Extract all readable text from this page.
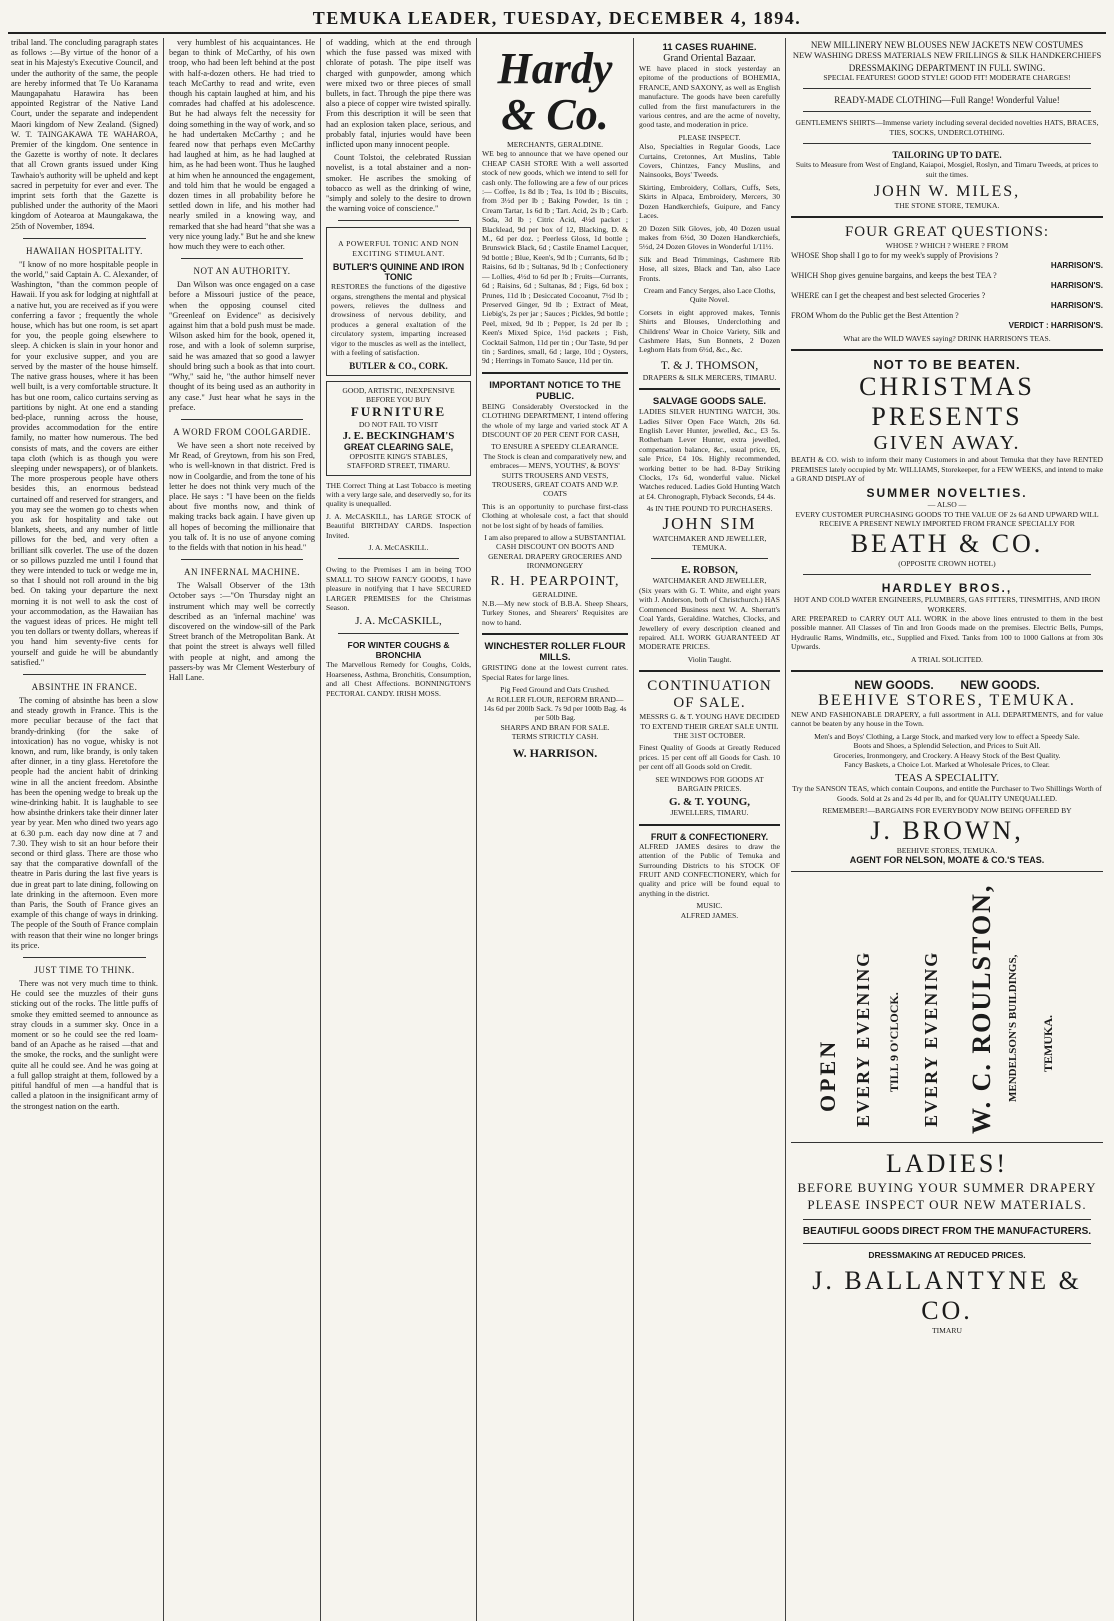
TEMUKA LEADER, TUESDAY, DECEMBER 4, 1894.

tribal land. The concluding paragraph states as follows :—By virtue of the honor of a seat in his Majesty's Executive Council, and under the authority of the same, the people are hereby informed that Te Uo Karanama Maungapahatu Harawira has been appointed Registrar of the Native Land Court, under the separate and independent Maori kingdom of New Zealand. (Signed) W. T. TAINGAKAWA TE WAHAROA, Premier of the kingdom. One sentence in the Gazette is worthy of note. It declares that all Crown grants issued under King Tawhaio's authority will be upheld and kept sacred in perpetuity for ever and ever. The imprint sets forth that the Gazette is published under the authority of the Maori kingdom of Aotearoa at Maungakawa, the 25th of November, 1894.

HAWAIIAN HOSPITALITY.

"I know of no more hospitable people in the world," said Captain A. C. Alexander, of Washington, "than the common people of Hawaii. If you ask for lodging at nightfall at a native hut, you are received as if you were conferring a favor ; frequently the whole house, which has but one room, is set apart for you, the people going elsewhere to sleep. A chicken is slain in your honor and for your exclusive supper, and you are served by the master of the house himself. The native grass houses, where it has been well built, is a very comfortable structure. It has but one room, calico curtains serving as partitions by night. At one end a standing bed-place, running across the house, provides accommodation for the entire family, no matter how numerous. The bed consists of mats, and the covers are either tapa cloth (which is as though you were sleeping under newspapers), or of blankets. The more prosperous people have others besides this, an enormous bedstead curtained off and reserved for strangers, and you may see the women go to chests when you ask for hospitality and take out blankets, sheets, and any number of little pillows for the bed, and very often a brilliant silk coverlet. The use of the dozen or so pillows puzzled me until I found that they were intended to tuck or wedge me in, so that I should not roll around in the big bed. On taking your departure the next morning it is not well to ask the cost of your accommodation, as the Hawaiian has the vaguest ideas of prices. He might tell you ten dollars or twenty dollars, whereas if you hand him seventy-five cents for yourself and guide he will be abundantly satisfied."

ABSINTHE IN FRANCE.

The coming of absinthe has been a slow and steady growth in France. This is the more peculiar because of the fact that brandy-drinking (for the sake of intoxication) has no vogue, whisky is not known, and rum, like brandy, is only taken after dinner, in a tiny glass. Heretofore the people had the ancient habit of drinking wine in all the ancient freedom. Absinthe has been the opening wedge to break up the wine-drinking habit. It is laughable to see how absinthe drinkers take their dinner later year by year. Men who dined two years ago at 6.30 p.m. each day now dine at 7 and 7.30. They wish to sit an hour before their second or third glass. There are those who say that the comparative downfall of the theatre in Paris during the last five years is due in great part to late dining, following on late drinking in the afternoon. Even more than Paris, the South of France gives an example of this change of ways in drinking. The people of the South of France complain with reason that their wine no longer brings its price.

JUST TIME TO THINK.

There was not very much time to think. He could see the muzzles of their guns sticking out of the rocks. The little puffs of smoke they emitted seemed to announce as stray clouds in a summer sky. Once in a moment or so he could see the red loam-band of an Apache as he raised —that and the smoke, the rocks, and the sunlight were quite all he could see. And he was going at a full gallop straight at them, followed by a pitiful handful of men —a handful that is called a platoon in the insignificant army of the strongest nation on the earth.

very humblest of his acquaintances. He began to think of McCarthy, of his own troop, who had been left behind at the post with half-a-dozen others. He had tried to teach McCarthy to read and write, even though his captain laughed at him, and his comrades had chaffed at his adolescence. But he had always felt the necessity for doing something in the way of work, and so he had undertaken McCarthy ; and he feared now that perhaps even McCarthy had laughed at him, as he had laughed at him, as he had been wont. Thus he laughed at him when he announced the engagement, and told him that he would be engaged a dozen times in all probability before he settled down in life, and his mother had nearly smiled in a knowing way, and remarked that she had heard "that she was a very nice young lady." But he and she knew how much they were to each other.

NOT AN AUTHORITY.

Dan Wilson was once engaged on a case before a Missouri justice of the peace, when the opposing counsel cited "Greenleaf on Evidence" as decisively against him that a bold push must be made. Wilson asked him for the book, opened it, rose, and with a look of solemn surprise, said he was amazed that so good a lawyer should bring such a book as that into court. "Why," said he, "the author himself never thought of its being used as an authority in any case." Just hear what he says in the preface.

A WORD FROM COOLGARDIE.

We have seen a short note received by Mr Read, of Greytown, from his son Fred, who is well-known in that district. Fred is now in Coolgardie, and from the tone of his letter he does not think very much of the place. He says : "I have been on the fields about five months now, and think of making tracks back again. I have given up all hopes of becoming the millionaire that you talk of. It is no use of anyone coming to the fields with that notion in his head."

AN INFERNAL MACHINE.

The Walsall Observer of the 13th October says :—"On Thursday night an instrument which may well be correctly described as an 'infernal machine' was discovered on the window-sill of the Park Street branch of the Metropolitan Bank. At that point the street is always well filled with people at night, and among the passers-by was Mr Clement Westerbury of Hall Lane.

of wadding, which at the end through which the fuse passed was mixed with chlorate of potash. The pipe itself was charged with gunpowder, among which were mixed two or three pieces of small bullets, in fact. Through the pipe there was also a piece of copper wire twisted spirally. From this description it will be seen that had an explosion taken place, serious, and probably fatal, injuries would have been inflicted upon many innocent people.

Count Tolstoi, the celebrated Russian novelist, is a total abstainer and a non-smoker. He ascribes the smoking of tobacco as well as the drinking of wine, "simply and solely to the desire to drown the warning voice of conscience."

A POWERFUL TONIC AND NON EXCITING STIMULANT.
BUTLER'S QUININE AND IRON TONIC

RESTORES the functions of the digestive organs, strengthens the mental and physical powers, relieves the dullness and drowsiness of nervous debility, and produces a general exaltation of the circulatory system, imparting increased vigor to the muscles as well as the intellect, with a feeling of satisfaction.

BUTLER & CO., CORK.
GOOD, ARTISTIC, INEXPENSIVE
BEFORE YOU BUY
FURNITURE
DO NOT FAIL TO VISIT
J. E. BECKINGHAM'S
GREAT CLEARING SALE,
OPPOSITE KING'S STABLES, STAFFORD STREET, TIMARU.

THE Correct Thing at Last Tobacco is meeting with a very large sale, and deservedly so, for its quality is unequalled.

J. A. McCASKILL, has LARGE STOCK of Beautiful BIRTHDAY CARDS. Inspection Invited.

J. A. McCASKILL.

Owing to the Premises I am in being TOO SMALL TO SHOW FANCY GOODS, I have pleasure in notifying that I have SECURED LARGER PREMISES for the Christmas Season.

J. A. McCASKILL,
FOR WINTER COUGHS & BRONCHIA

The Marvellous Remedy for Coughs, Colds, Hoarseness, Asthma, Bronchitis, Consumption, and all Chest Affections. BONNINGTON'S PECTORAL CANDY. IRISH MOSS.

Hardy & Co.
MERCHANTS, GERALDINE.

WE beg to announce that we have opened our CHEAP CASH STORE With a well assorted stock of new goods, which we intend to sell for cash only. The following are a few of our prices :— Coffee, 1s 8d lb ; Tea, 1s 10d lb ; Biscuits, from 3½d per lb ; Baking Powder, 1s tin ; Cream Tartar, 1s 6d lb ; Tart. Acid, 2s lb ; Carb. Soda, 3d lb ; Citric Acid, 4½d packet ; Blacklead, 9d per box of 12, Blacking, D. & M., 6d per doz. ; Peerless Gloss, 1d bottle ; Brunswick Black, 6d ; Castile Enamel Lacquer, 9d bottle ; Blue, Keen's, 9d lb ; Currants, 6d lb ; Raisins, 6d lb ; Sultanas, 9d lb ; Confectionery— Lollies, 4½d to 6d per lb ; Fruits—Currants, 6d ; Raisins, 6d ; Sultanas, 8d ; Figs, 6d box ; Prunes, 11d lb ; Desiccated Cocoanut, 7½d lb ; Preserved Ginger, 9d lb ; Extract of Meat, Liebig's, 2s per jar ; Sauces ; Pickles, 9d bottle ; Peel, mixed, 9d lb ; Pepper, 1s 2d per lb ; Keen's Mixed Spice, 1½d packets ; Fish, Cocktail Salmon, 11d per tin ; Our Taste, 9d per tin ; Sardines, small, 6d ; large, 10d ; Oysters, 9d ; Herrings in Tomato Sauce, 11d per tin.

IMPORTANT NOTICE TO THE PUBLIC.

BEING Considerably Overstocked in the CLOTHING DEPARTMENT, I intend offering the whole of my large and varied stock AT A DISCOUNT OF 20 PER CENT FOR CASH,

TO ENSURE A SPEEDY CLEARANCE.

The Stock is clean and comparatively new, and embraces— MEN'S, YOUTHS', & BOYS' SUITS TROUSERS AND VESTS, TROUSERS, GREAT COATS AND W.P. COATS

This is an opportunity to purchase first-class Clothing at wholesale cost, a fact that should not be lost sight of by heads of families.

I am also prepared to allow a SUBSTANTIAL CASH DISCOUNT ON BOOTS AND GENERAL DRAPERY GROCERIES AND IRONMONGERY

R. H. PEARPOINT,
GERALDINE.

N.B.—My new stock of B.B.A. Sheep Shears, Turkey Stones, and Shearers' Requisites are now to hand.

WINCHESTER ROLLER FLOUR MILLS.

GRISTING done at the lowest current rates. Special Rates for large lines.

Pig Feed Ground and Oats Crushed.
At ROLLER FLOUR, REFORM BRAND—
14s 6d per 200lb Sack. 7s 9d per 100lb Bag. 4s per 50lb Bag.
SHARPS AND BRAN FOR SALE.
TERMS STRICTLY CASH.
W. HARRISON.
11 CASES RUAHINE.
Grand Oriental Bazaar.

WE have placed in stock yesterday an epitome of the productions of BOHEMIA, FRANCE, AND SAXONY, as well as English manufacture. The goods have been carefully culled from the first manufacturers in the various centres, and are the acme of novelty, good taste, and moderation in price.

PLEASE INSPECT.

Also, Specialties in Regular Goods, Lace Curtains, Cretonnes, Art Muslins, Table Covers, Chintzes, Fancy Muslins, and Nainsooks, Boys' Tweeds.

Skirting, Embroidery, Collars, Cuffs, Sets, Skirts in Alpaca, Embroidery, Mercers, 30 Dozen Handkerchiefs, Guipure, and Fancy Laces.

20 Dozen Silk Gloves, job, 40 Dozen usual makes from 6½d, 30 Dozen Handkerchiefs, 5½d, 24 Dozen Gloves in Wonderful 1/11½.

Silk and Bead Trimmings, Cashmere Rib Hose, all sizes, Black and Tan, also Lace Fronts.

Cream and Fancy Serges, also Lace Cloths, Quite Novel.

Corsets in eight approved makes, Tennis Shirts and Blouses, Underclothing and Childrens' Wear in Choice Variety, Silk and Cashmere Hats, Sun Bonnets, 2 Dozen Leghorn Hats from 6½d, &c., &c.

T. & J. THOMSON,
DRAPERS & SILK MERCERS, TIMARU.
SALVAGE GOODS SALE.

LADIES SILVER HUNTING WATCH, 30s. Ladies Silver Open Face Watch, 20s 6d. English Lever Hunter, jewelled, &c., £3 5s. Rotherham Lever Hunter, extra jewelled, compensation balance, &c., usual price, £6, sale Price, £4 10s. Highly recommended, working better to be had. 8-Day Striking Clocks, 17s 6d, wonderful value. Nickel Watches reduced. Ladies Gold Hunting Watch at £4. Chronograph, Flyback Seconds, £4 4s.

4s IN THE POUND TO PURCHASERS.
JOHN SIM
WATCHMAKER AND JEWELLER, TEMUKA.
E. ROBSON,
WATCHMAKER AND JEWELLER,

(Six years with G. T. White, and eight years with J. Anderson, both of Christchurch.) HAS Commenced Business next W. A. Sherratt's Coal Yards, Geraldine. Watches, Clocks, and Jewellery of every description cleaned and repaired. ALL WORK GUARANTEED AT MODERATE PRICES.

Violin Taught.
CONTINUATION OF SALE.

MESSRS G. & T. YOUNG HAVE DECIDED TO EXTEND THEIR GREAT SALE UNTIL THE 31ST OCTOBER.

Finest Quality of Goods at Greatly Reduced prices. 15 per cent off all Goods for Cash. 10 per cent off all Goods sold on Credit.

SEE WINDOWS FOR GOODS AT BARGAIN PRICES.
G. & T. YOUNG,
JEWELLERS, TIMARU.
FRUIT & CONFECTIONERY.

ALFRED JAMES desires to draw the attention of the Public of Temuka and Surrounding Districts to his STOCK OF FRUIT AND CONFECTIONERY, which for quality and price will be found equal to anything in the district.

MUSIC.
ALFRED JAMES.
NEW MILLINERY NEW BLOUSES NEW JACKETS NEW COSTUMES
NEW WASHING DRESS MATERIALS NEW FRILLINGS & SILK HANDKERCHIEFS
DRESSMAKING DEPARTMENT IN FULL SWING.
SPECIAL FEATURES! GOOD STYLE! GOOD FIT! MODERATE CHARGES!
READY-MADE CLOTHING—Full Range! Wonderful Value!
GENTLEMEN'S SHIRTS—Immense variety including several decided novelties HATS, BRACES, TIES, SOCKS, UNDERCLOTHING.
TAILORING UP TO DATE.
Suits to Measure from West of England, Kaiapoi, Mosgiel, Roslyn, and Timaru Tweeds, at prices to suit the times.
JOHN W. MILES,
THE STONE STORE, TEMUKA.
FOUR GREAT QUESTIONS:
WHOSE ? WHICH ? WHERE ? FROM
WHOSE Shop shall I go to for my week's supply of Provisions ?
HARRISON'S.
WHICH Shop gives genuine bargains, and keeps the best TEA ?
HARRISON'S.
WHERE can I get the cheapest and best selected Groceries ?
HARRISON'S.
FROM Whom do the Public get the Best Attention ?
VERDICT : HARRISON'S.
What are the WILD WAVES saying? DRINK HARRISON'S TEAS.
NOT TO BE BEATEN.
CHRISTMAS PRESENTS
GIVEN AWAY.

BEATH & CO. wish to inform their many Customers in and about Temuka that they have RENTED PREMISES lately occupied by Mr. WILLIAMS, Storekeeper, for a FEW WEEKS, and intend to make a GRAND DISPLAY of

SUMMER NOVELTIES.
— ALSO —
EVERY CUSTOMER PURCHASING GOODS TO THE VALUE OF 2s 6d AND UPWARD WILL RECEIVE A PRESENT NEWLY IMPORTED FROM FRANCE SPECIALLY FOR
BEATH & CO.
(OPPOSITE CROWN HOTEL)
HARDLEY BROS.,
HOT AND COLD WATER ENGINEERS, PLUMBERS, GAS FITTERS, TINSMITHS, AND IRON WORKERS.

ARE PREPARED to CARRY OUT ALL WORK in the above lines entrusted to them in the best possible manner. All Classes of Tin and Iron Goods made on the premises. Electric Bells, Pumps, Hydraulic Rams, Windmills, etc., Supplied and Fixed. Tanks from 100 to 1000 Gallons at from 30s Upwards.

A TRIAL SOLICITED.
NEW GOODS.        NEW GOODS.
BEEHIVE STORES, TEMUKA.

NEW AND FASHIONABLE DRAPERY, a full assortment in ALL DEPARTMENTS, and for value cannot be beaten by any house in the Town.

Men's and Boys' Clothing, a Large Stock, and marked very low to effect a Speedy Sale.
Boots and Shoes, a Splendid Selection, and Prices to Suit All.
Groceries, Ironmongery, and Crockery. A Heavy Stock of the Best Quality.
Fancy Baskets, a Choice Lot. Marked at Wholesale Prices, to Clear.
TEAS A SPECIALITY.

Try the SANSON TEAS, which contain Coupons, and entitle the Purchaser to Two Shillings Worth of Goods. Sold at 2s and 2s 4d per lb, and for QUALITY UNEQUALLED.

REMEMBER!—BARGAINS FOR EVERYBODY NOW BEING OFFERED BY
J. BROWN,
BEEHIVE STORES, TEMUKA.
AGENT FOR NELSON, MOATE & CO.'S TEAS.
OPEN EVERY EVENING TILL 9 O'CLOCK. EVERY EVENING W. C. ROULSTON, MENDELSON'S BUILDINGS, TEMUKA.
LADIES!
BEFORE BUYING YOUR SUMMER DRAPERY PLEASE INSPECT OUR NEW MATERIALS.
BEAUTIFUL GOODS DIRECT FROM THE MANUFACTURERS.
DRESSMAKING AT REDUCED PRICES.
J. BALLANTYNE & CO.
TIMARU
